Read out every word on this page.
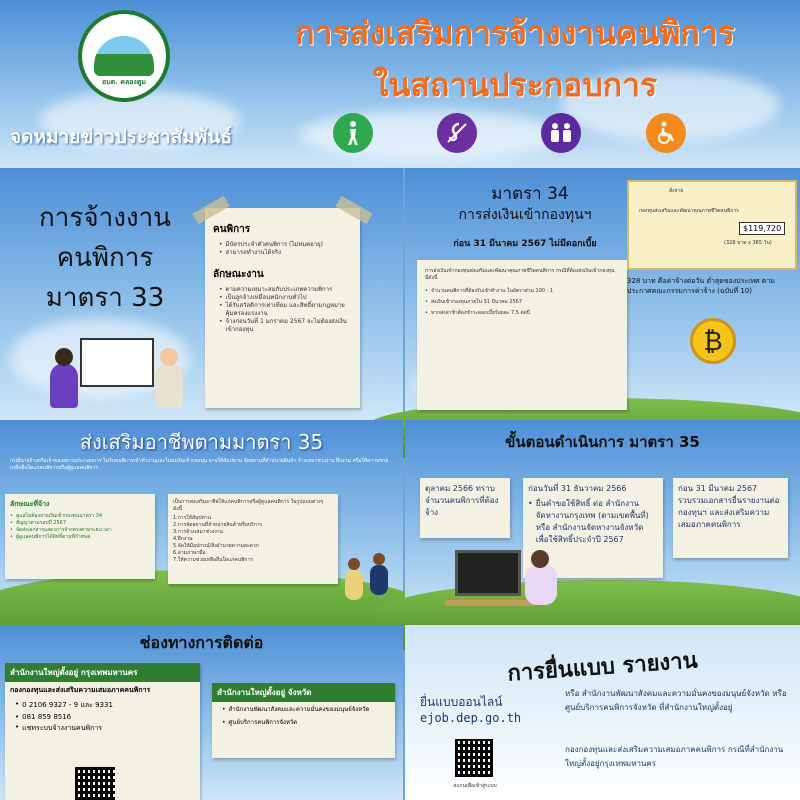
อบต. คลองตูม
การส่งเสริมการจ้างงานคนพิการ
ในสถานประกอบการ
จดหมายข่าวประชาสัมพันธ์
การจ้างงาน
คนพิการ
มาตรา 33
คนพิการ
• มีบัตรประจำตัวคนพิการ (ไม่หมดอายุ)
• สามารถทำงานได้จริง
ลักษณะงาน
• ตามความเหมาะสมกับประเภทความพิการ
• เป็นลูกจ้างเหมือนพนักงานทั่วไป
• ได้รับสวัสดิการเท่าเทียม และสิทธิ์ตามกฎหมายคุ้มครองแรงงาน
• จ้างก่อนวันที่ 1 มกราคม 2567 จะไม่ต้องส่งเงินเข้ากองทุน
มาตรา 34
การส่งเงินเข้ากองทุนฯ
ก่อน 31 มีนาคม 2567 ไม่มีดอกเบี้ย
การส่งเงินเข้ากองทุนส่งเสริมและพัฒนาคุณภาพชีวิตคนพิการ กรณีที่ต้องส่งเงินเข้ากองทุน มีดังนี้
• จำนวนคนพิการที่ต้องรับเข้าทำงาน ในอัตราส่วน 100 : 1
• ส่งเงินเข้ากองทุนภายใน 31 มีนาคม 2567
• หากส่งล่าช้าต้องชำระดอกเบี้ยร้อยละ 7.5 ต่อปี
สั่งจ่าย
กองทุนส่งเสริมและพัฒนาคุณภาพชีวิตคนพิการ
$119,720
(328 บาท x 365 วัน)
328 บาท คือค่าจ้างต่อวัน ต่ำสุดของประเทศ ตามประกาศคณะกรรมการค่าจ้าง (ฉบับที่ 10)
₿
ส่งเสริมอาชีพตามมาตรา 35
กรณีนายจ้างหรือเจ้าของสถานประกอบการ ไม่รับคนพิการเข้าทำงานและไม่ส่งเงินเข้ากองทุน อาจให้สัมปทาน จัดสถานที่จำหน่ายสินค้า จ้างเหมาช่วงงาน ฝึกงาน หรือให้ความช่วยเหลืออื่นใดแก่คนพิการหรือผู้ดูแลคนพิการ
ลักษณะที่จ้าง
• ดูแลไม่ต้องจ่ายเงินเข้ากองทุนมาตรา 34
• สัญญาตามรอบปี 2567
• จัดส่งเอกสารแสดงการจ้างตรงตามระยะเวลา
• ผู้ดูแลคนพิการได้สิทธิ์ตามที่กำหนด
เป็นการส่งเสริมอาชีพให้แก่คนพิการหรือผู้ดูแลคนพิการ ในรูปแบบต่างๆ ดังนี้
1.การให้สัมปทาน
2.การจัดสถานที่จำหน่ายสินค้าหรือบริการ
3.การจ้างเหมาช่วงงาน
4.ฝึกงาน
5.จัดให้มีอุปกรณ์/สิ่งอำนวยความสะดวก
6.ล่ามภาษามือ
7.ให้ความช่วยเหลืออื่นใดแก่คนพิการ
ขั้นตอนดำเนินการ มาตรา 35
ตุลาคม 2566 ทราบจำนวนคนพิการที่ต้องจ้าง
ก่อนวันที่ 31 ธันวาคม 2566
• ยื่นคำขอใช้สิทธิ์ ต่อ สำนักงานจัดหางานกรุงเทพ (ตามเขตพื้นที่) หรือ สำนักงานจัดหางานจังหวัด เพื่อใช้สิทธิ์ประจำปี 2567
ก่อน 31 มีนาคม 2567 รวบรวมเอกสารยื่นรายงานต่อกองทุนฯ และส่งเสริมความเสมอภาคคนพิการ
ช่องทางการติดต่อ
สำนักงานใหญ่ตั้งอยู่ กรุงเทพมหานคร
กองกองทุนและส่งเสริมความเสมอภาคคนพิการ
• 0 2106 9327 - 9 และ 9331
• 081 859 8516
• แชทระบบจ้างงานคนพิการ
สำนักงานใหญ่ตั้งอยู่ จังหวัด
• สำนักงานพัฒนาสังคมและความมั่นคงของมนุษย์จังหวัด
• ศูนย์บริการคนพิการจังหวัด
การยื่นแบบ รายงาน
ยื่นแบบออนไลน์
ejob.dep.go.th
สแกนเพื่อเข้าสู่ระบบ
หรือ สำนักงานพัฒนาสังคมและความมั่นคงของมนุษย์จังหวัด หรือศูนย์บริการคนพิการจังหวัด ที่สำนักงานใหญ่ตั้งอยู่
กองกองทุนและส่งเสริมความเสมอภาคคนพิการ กรณีที่สำนักงานใหญ่ตั้งอยู่กรุงเทพมหานคร
